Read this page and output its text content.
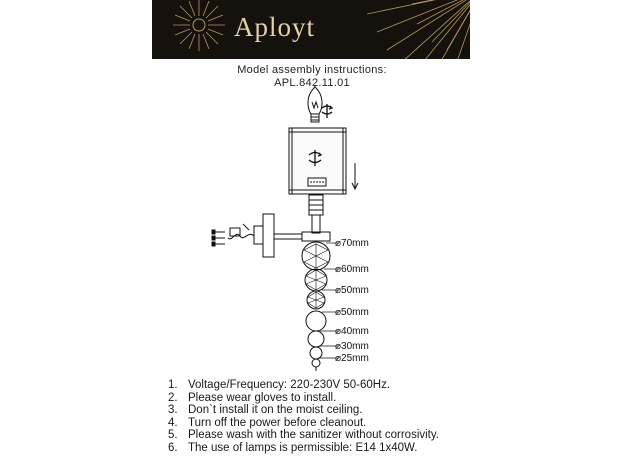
Aployt
Model assembly instructions:
APL.842.11.01
⌀70mm
⌀60mm
⌀50mm
⌀50mm
⌀40mm
⌀30mm
⌀25mm
1. Voltage/Frequency: 220-230V 50-60Hz.
2. Please wear gloves to install.
3. Don`t install it on the moist ceiling.
4. Turn off the power before cleanout.
5. Please wash with the sanitizer without corrosivity.
6. The use of lamps is permissible: E14 1x40W.
